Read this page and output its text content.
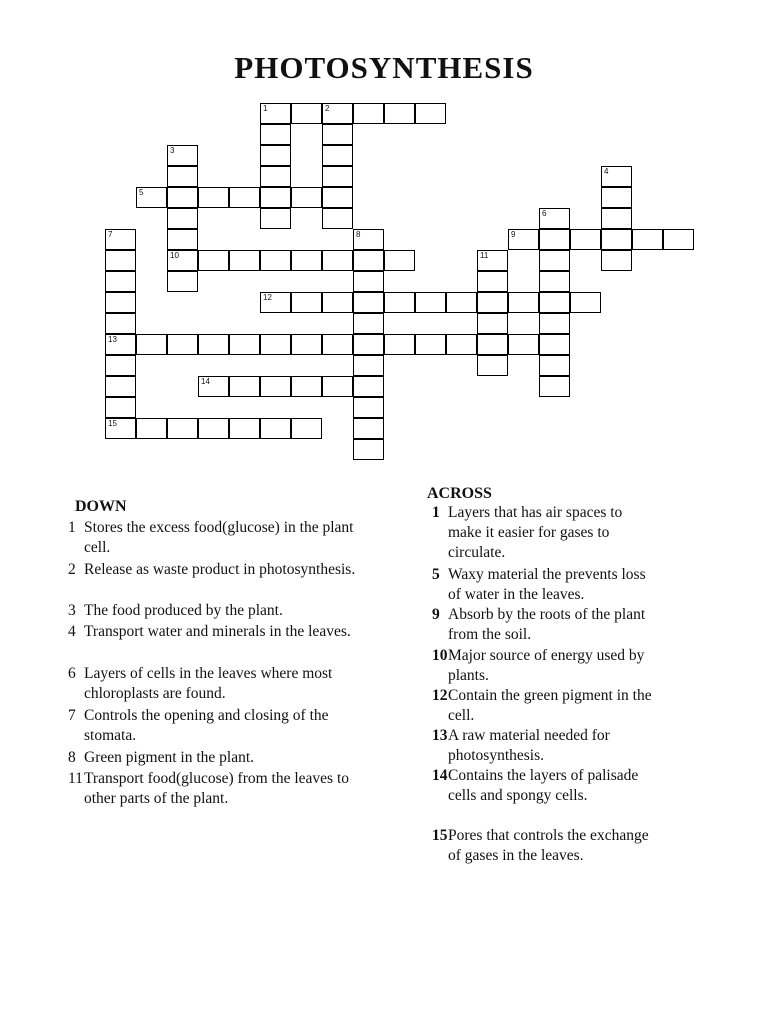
PHOTOSYNTHESIS
1	2
3
10
5
4
6
9
7
13
8
11
12
14
15
DOWN
1 Stores the excess food(glucose) in the plant cell.
2 Release as waste product in photosynthesis.
3 The food produced by the plant.
4 Transport water and minerals in the leaves.
6 Layers of cells in the leaves where most chloroplasts are found.
7 Controls the opening and closing of the stomata.
8 Green pigment in the plant.
11 Transport food(glucose) from the leaves to other parts of the plant.
ACROSS
1 Layers that has air spaces to make it easier for gases to circulate.
5 Waxy material the prevents loss of water in the leaves.
9 Absorb by the roots of the plant from the soil.
10 Major source of energy used by plants.
12 Contain the green pigment in the cell.
13 A raw material needed for photosynthesis.
14 Contains the layers of palisade cells and spongy cells.
15 Pores that controls the exchange of gases in the leaves.
